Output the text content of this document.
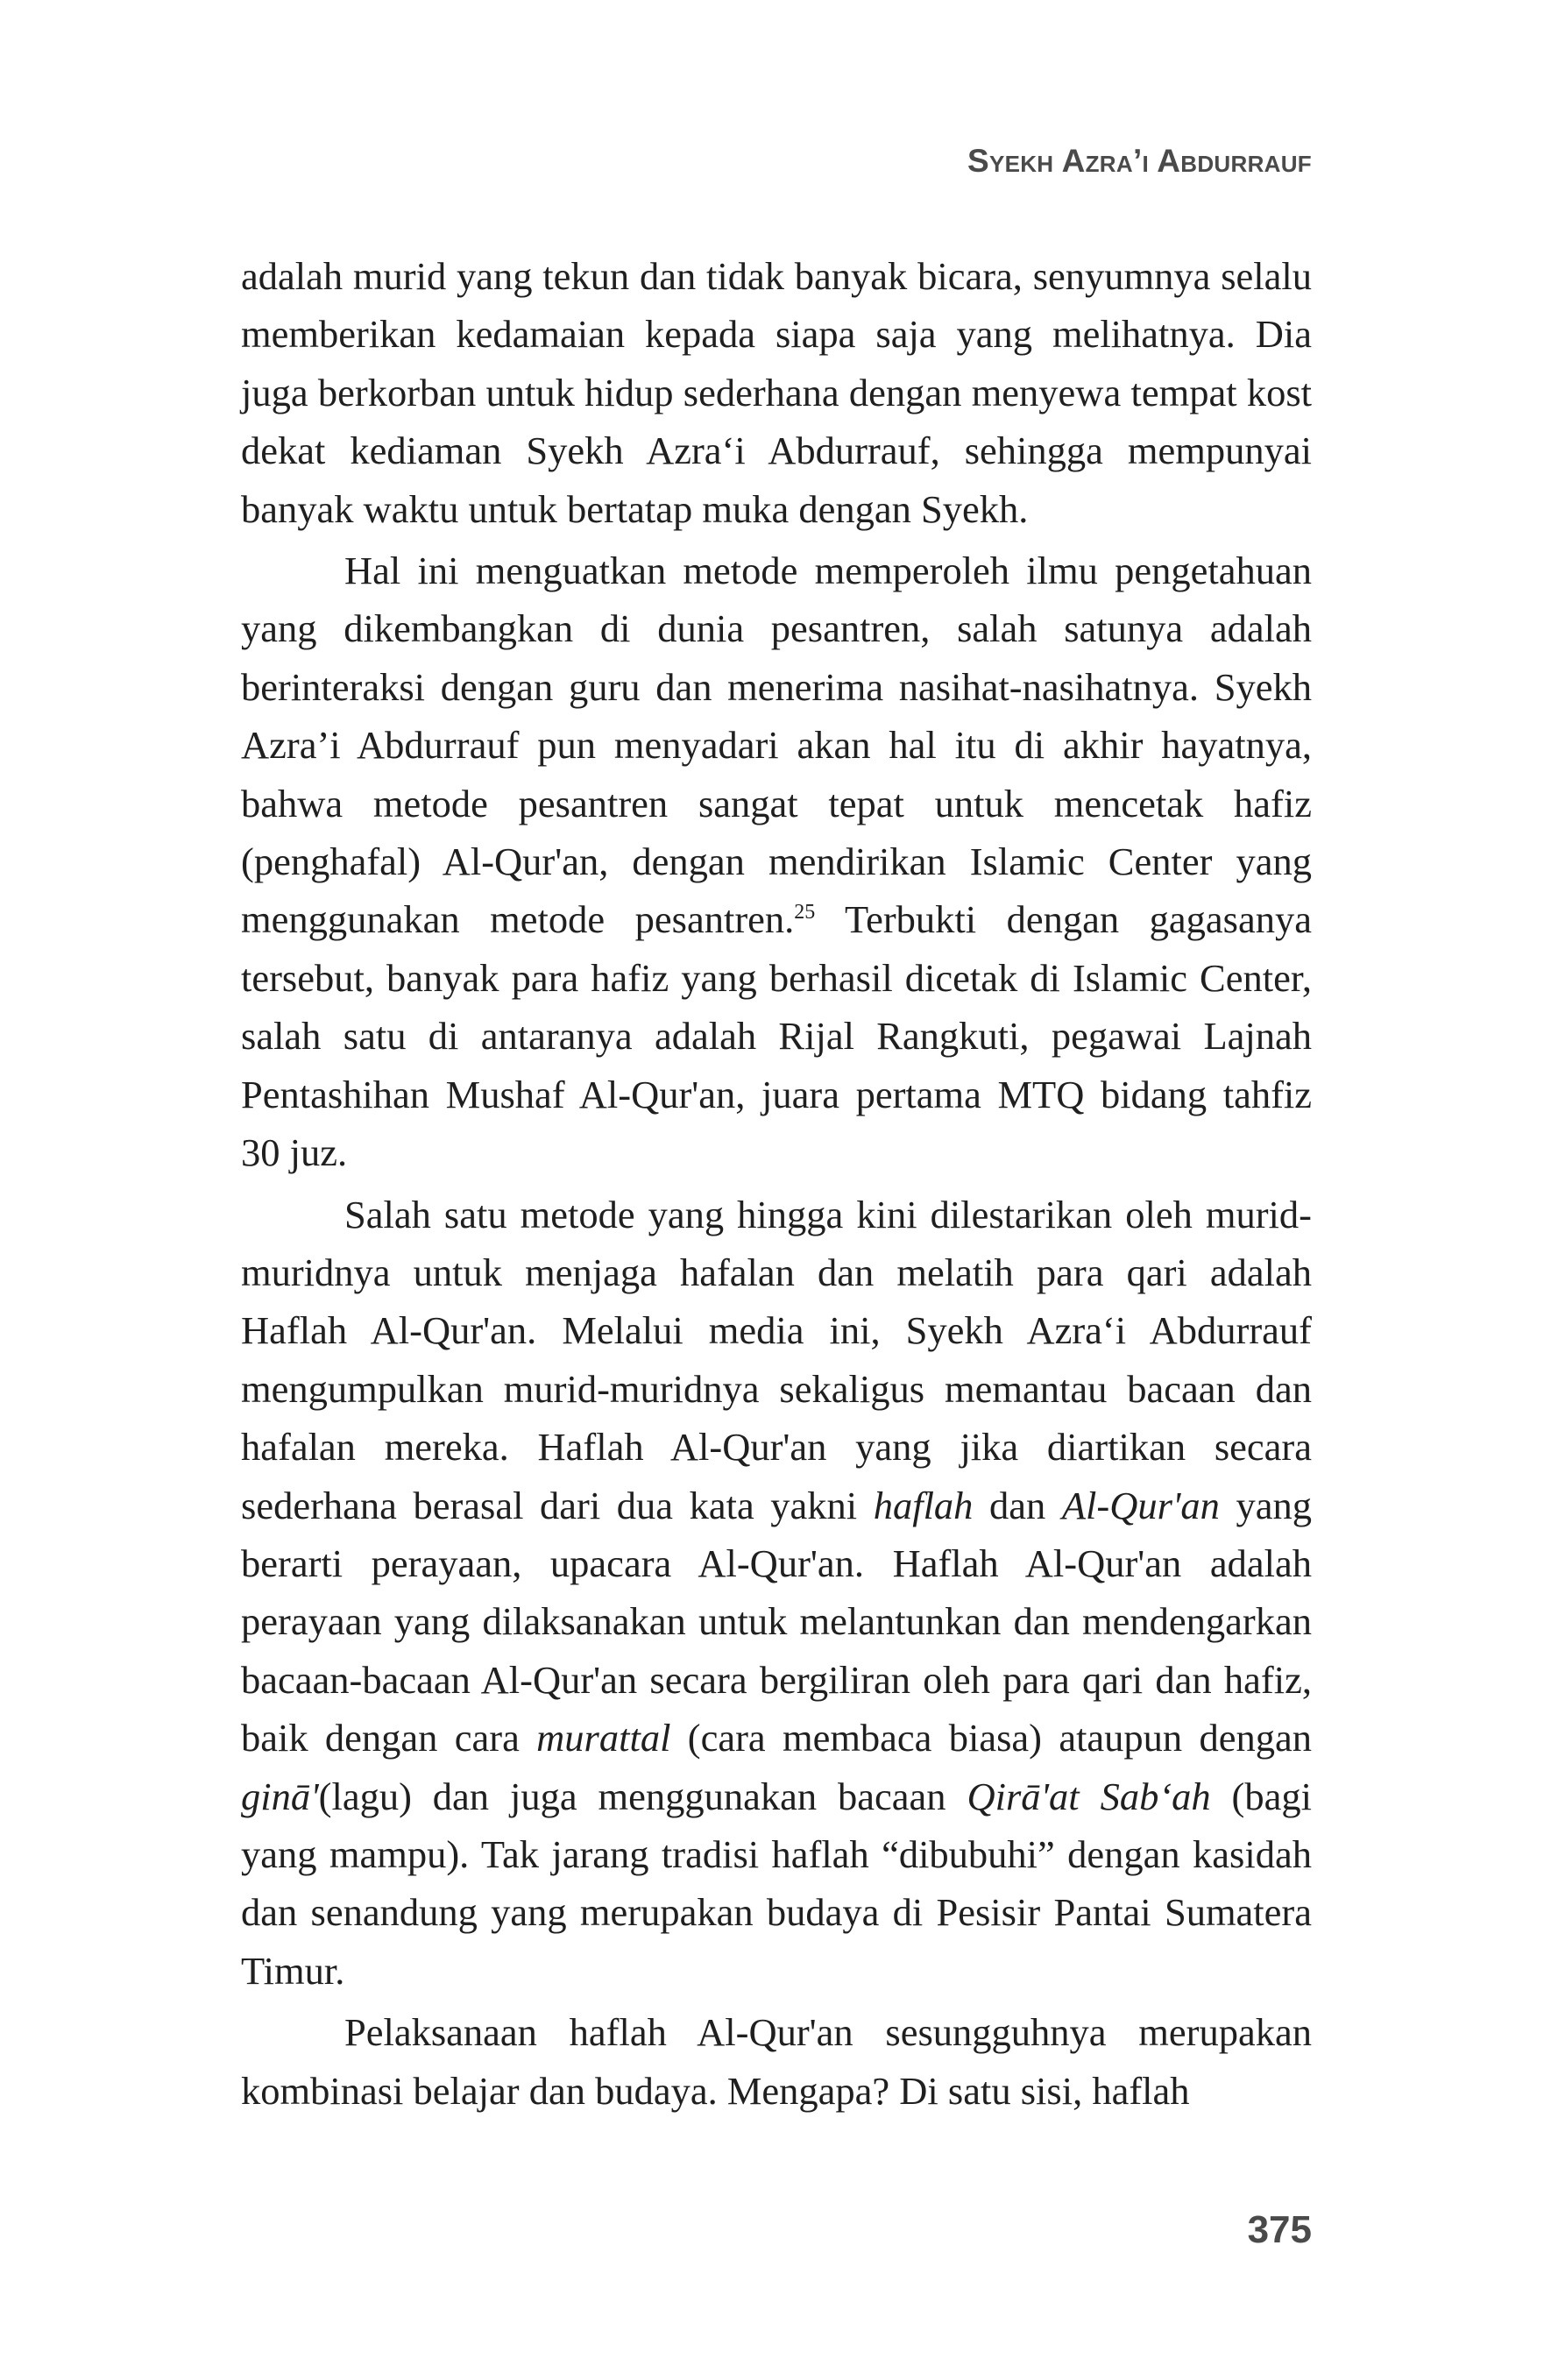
Syekh Azra’i Abdurrauf

adalah murid yang tekun dan tidak banyak bicara, senyumnya selalu memberikan kedamaian kepada siapa saja yang melihatnya. Dia juga berkorban untuk hidup sederhana dengan menyewa tempat kost dekat kediaman Syekh Azra‘i Abdurrauf, sehingga mempunyai banyak waktu untuk bertatap muka dengan Syekh.

Hal ini menguatkan metode memperoleh ilmu pengetahuan yang dikembangkan di dunia pesantren, salah satunya adalah berinteraksi dengan guru dan menerima nasihat-nasihatnya. Syekh Azra’i Abdurrauf pun menyadari akan hal itu di akhir hayatnya, bahwa metode pesantren sangat tepat untuk mencetak hafiz (penghafal) Al-Qur'an, dengan mendirikan Islamic Center yang menggunakan metode pesantren.$^{25}$ Terbukti dengan gagasanya tersebut, banyak para hafiz yang berhasil dicetak di Islamic Center, salah satu di antaranya adalah Rijal Rangkuti, pegawai Lajnah Pentashihan Mushaf Al-Qur'an, juara pertama MTQ bidang tahfiz 30 juz.

Salah satu metode yang hingga kini dilestarikan oleh murid-muridnya untuk menjaga hafalan dan melatih para qari adalah Haflah Al-Qur'an. Melalui media ini, Syekh Azra‘i Abdurrauf mengumpulkan murid-muridnya sekaligus memantau bacaan dan hafalan mereka. Haflah Al-Qur'an yang jika diartikan secara sederhana berasal dari dua kata yakni haflah dan Al-Qur'an yang berarti perayaan, upacara Al-Qur'an. Haflah Al-Qur'an adalah perayaan yang dilaksanakan untuk melantunkan dan mendengarkan bacaan-bacaan Al-Qur'an secara bergiliran oleh para qari dan hafiz, baik dengan cara murattal (cara membaca biasa) ataupun dengan ginā'(lagu) dan juga menggunakan bacaan Qirā'at Sab‘ah (bagi yang mampu). Tak jarang tradisi haflah “dibubuhi” dengan kasidah dan senandung yang merupakan budaya di Pesisir Pantai Sumatera Timur.

Pelaksanaan haflah Al-Qur'an sesungguhnya merupakan kombinasi belajar dan budaya. Mengapa? Di satu sisi, haflah

375
